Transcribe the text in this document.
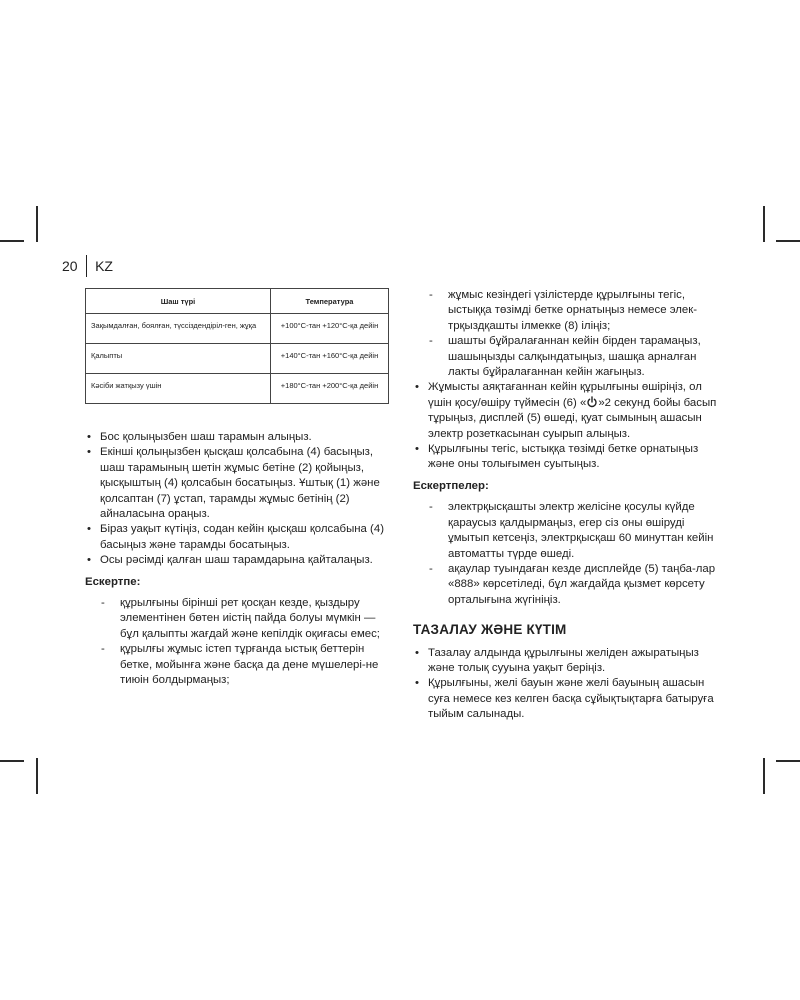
20	KZ
Шаш түрі	Температура
Зақымдалған, боялған, түссіздендіріл-ген, жұқа	+100°С-тан +120°С-қа дейін
Қалыпты	+140°С-тан +160°С-қа дейін
Кәсіби жатқызу үшін	+180°С-тан +200°С-қа дейін
• Бос қолыңызбен шаш тарамын алыңыз.
• Екінші қолыңызбен қысқаш қолсабына (4) басыңыз, шаш тарамының шетін жұмыс бетіне (2) қойыңыз, қысқыштың (4) қолсабын босатыңыз. Ұштық (1) және қолсаптан (7) ұстап, тарамды жұмыс бетінің (2) айналасына ораңыз.
• Біраз уақыт күтіңіз, содан кейін қысқаш қолсабына (4) басыңыз және тарамды босатыңыз.
• Осы рәсімді қалған шаш тарамдарына қайталаңыз.
Ескертпе:
- құрылғыны бірінші рет қосқан кезде, қыздыру элементінен бөтен иістің пайда болуы мүмкін — бұл қалыпты жағдай және кепілдік оқиғасы емес;
- құрылғы жұмыс істеп тұрғанда ыстық беттерін бетке, мойынға және басқа да дене мүшелері-не тиюін болдырмаңыз;
- жұмыс кезіндегі үзілістерде құрылғыны тегіс, ыстыққа төзімді бетке орнатыңыз немесе элек-трқыздқашты ілмекке (8) іліңіз;
- шашты бұйралағаннан кейін бірден тарамаңыз, шашыңызды салқындатыңыз, шашқа арналған лакты бұйралағаннан кейін жағыңыз.
• Жұмысты аяқтағаннан кейін құрылғыны өшіріңіз, ол үшін қосу/өшіру түймесін (6) « »2 секунд бойы басып тұрыңыз, дисплей (5) өшеді, қуат сымының ашасын электр розеткасынан суырып алыңыз.
• Құрылғыны тегіс, ыстыққа төзімді бетке орнатыңыз және оны толығымен суытыңыз.
Ескертпелер:
- электрқысқашты электр желісіне қосулы күйде қараусыз қалдырмаңыз, егер сіз оны өшіруді ұмытып кетсеңіз, электрқысқаш 60 минуттан кейін автоматты түрде өшеді.
- ақаулар туындаған кезде дисплейде (5) таңба-лар «888» көрсетіледі, бұл жағдайда қызмет көрсету орталығына жүгініңіз.
ТАЗАЛАУ ЖӘНЕ КҮТІМ
• Тазалау алдында құрылғыны желіден ажыратыңыз және толық сууына уақыт беріңіз.
• Құрылғыны, желі бауын және желі бауының ашасын суға немесе кез келген басқа сұйықтықтарға батыруға тыйым салынады.
